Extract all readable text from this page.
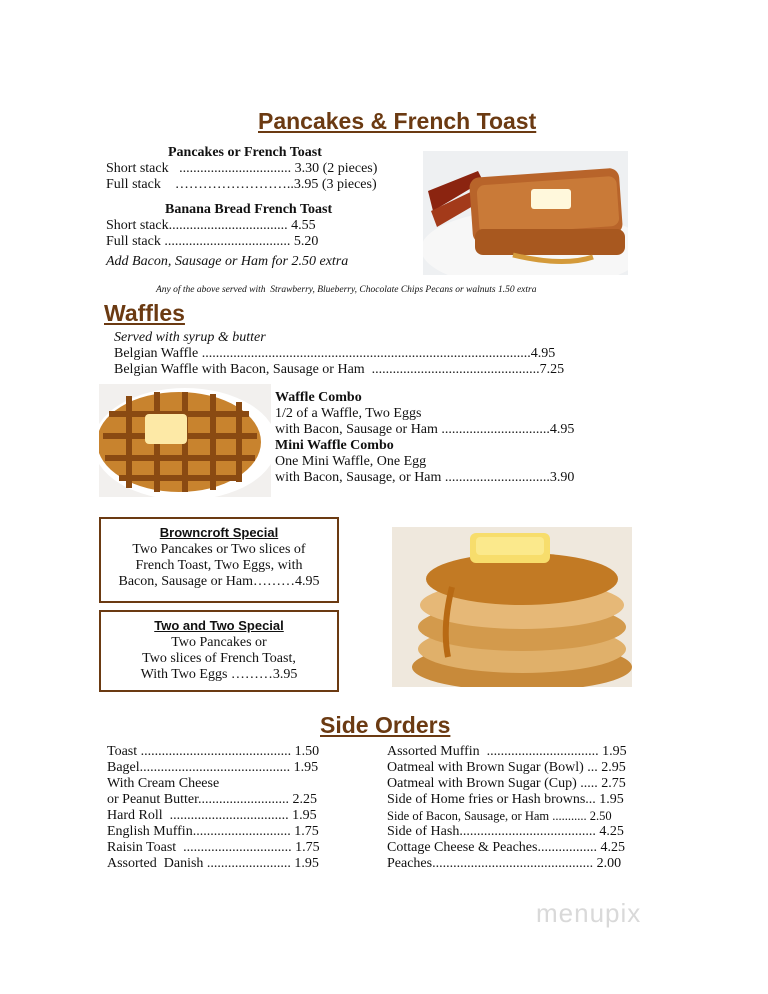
Pancakes & French Toast
Pancakes or French Toast
Short stack   ................................ 3.30 (2 pieces)
Full stack    ……………………..3.95 (3 pieces)
Banana Bread French Toast
Short stack.................................. 4.55
Full stack .................................... 5.20
Add Bacon, Sausage or Ham for 2.50 extra
Any of the above served with  Strawberry, Blueberry, Chocolate Chips Pecans or walnuts 1.50 extra
Waffles
Served with syrup & butter
Belgian Waffle ..............................................................................................4.95
Belgian Waffle with Bacon, Sausage or Ham  ................................................7.25
Waffle Combo
1/2 of a Waffle, Two Eggs
with Bacon, Sausage or Ham ...............................4.95
Mini Waffle Combo
One Mini Waffle, One Egg
with Bacon, Sausage, or Ham ..............................3.90
Browncroft Special
Two Pancakes or Two slices of
French Toast, Two Eggs, with
Bacon, Sausage or Ham………4.95
Two and Two Special
Two Pancakes or
Two slices of French Toast,
With Two Eggs ………3.95
Side Orders
Toast ........................................... 1.50
Bagel........................................... 1.95
With Cream Cheese
or Peanut Butter.......................... 2.25
Hard Roll  .................................. 1.95
English Muffin............................ 1.75
Raisin Toast  ............................... 1.75
Assorted  Danish ........................ 1.95
Assorted Muffin  ................................ 1.95
Oatmeal with Brown Sugar (Bowl) ... 2.95
Oatmeal with Brown Sugar (Cup) ..... 2.75
Side of Home fries or Hash browns... 1.95
Side of Bacon, Sausage, or Ham ........... 2.50
Side of Hash....................................... 4.25
Cottage Cheese & Peaches................. 4.25
Peaches.............................................. 2.00
menupix
